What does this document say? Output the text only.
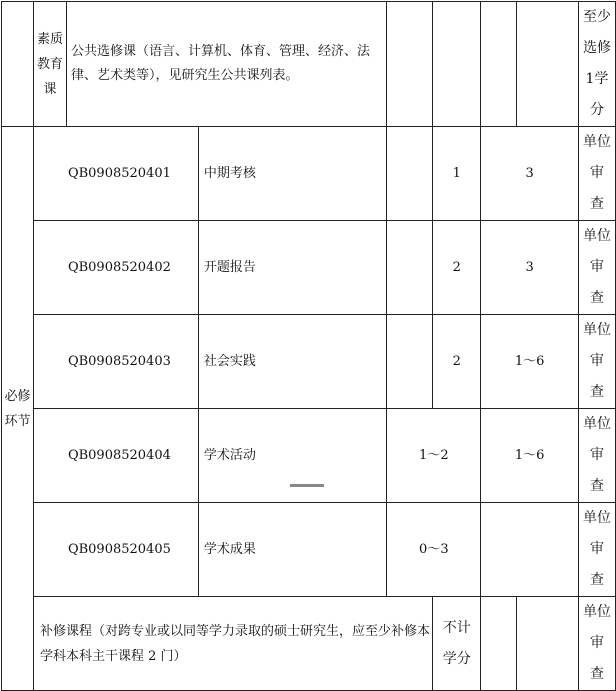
	素质教育课	公共选修课（语言、计算机、体育、管理、经济、法律、艺术类等），见研究生公共课列表。						至少选修
1学分

必修环节	QB0908520401		中期考核		1	3		单位审
查

	QB0908520402		开题报告		2	3		单位审
查

	QB0908520403		社会实践		2	1～6		单位审
查

	QB0908520404		学术活动	1～2		1～6		单位审
查

	QB0908520405		学术成果	0～3				单位审
查

	补修课程（对跨专业或以同等学力录取的硕士研究生，应至少补修本学科本科主干课程 2 门）				不计
学分			单位审
查
